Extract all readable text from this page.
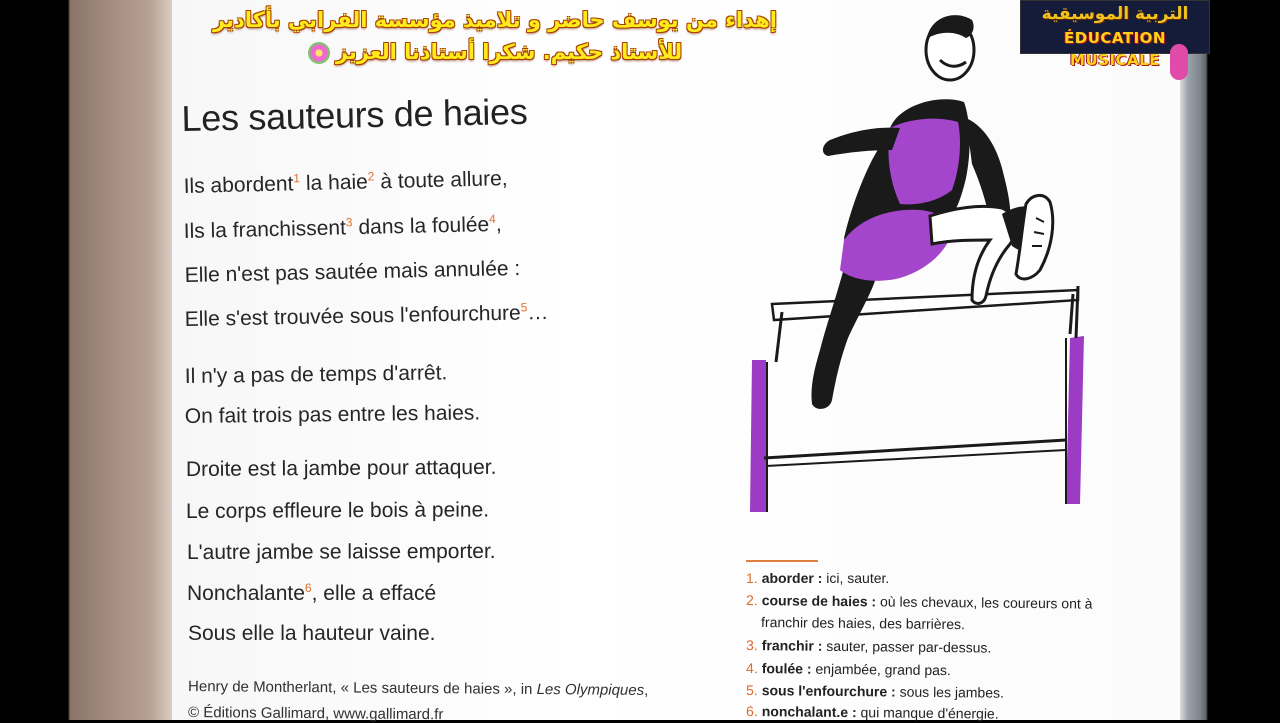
إهداء من يوسف حاضر و تلاميذ مؤسسة الفرابي بأكادير
للأستاذ حكيم. شكرا أستاذنا العزيز
التربية الموسيقية
ÉDUCATION MUSICALE
Les sauteurs de haies
Ils abordent$^1$ la haie$^2$ à toute allure,
Ils la franchissent$^3$ dans la foulée$^4$,
Elle n'est pas sautée mais annulée :
Elle s'est trouvée sous l'enfourchure$^5$…
Il n'y a pas de temps d'arrêt.
On fait trois pas entre les haies.
Droite est la jambe pour attaquer.
Le corps effleure le bois à peine.
L'autre jambe se laisse emporter.
Nonchalante$^6$, elle a effacé
Sous elle la hauteur vaine.
Henry de Montherlant, « Les sauteurs de haies », in Les Olympiques,
© Éditions Gallimard, www.gallimard.fr
1. aborder : ici, sauter.
2. course de haies : où les chevaux, les coureurs ont à
franchir des haies, des barrières.
3. franchir : sauter, passer par-dessus.
4. foulée : enjambée, grand pas.
5. sous l'enfourchure : sous les jambes.
6. nonchalant.e : qui manque d'énergie.
